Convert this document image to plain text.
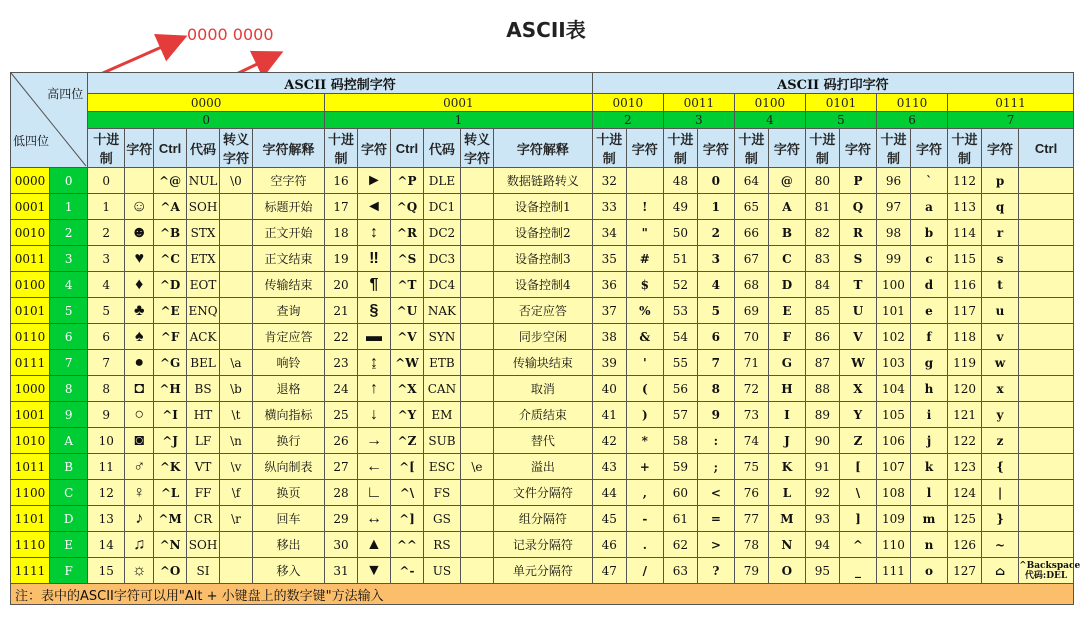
ASCII表
0000 0000
高四位
低四位		ASCII 码控制字符												ASCII 码打印字符												
		0000						0001						0010		0011		0100		0101		0110		0111		
		0						1						2		3		4		5		6		7		
		十进制	字符	Ctrl	代码	转义字符	字符解释	十进制	字符	Ctrl	代码	转义字符	字符解释	十进制	字符	十进制	字符	十进制	字符	十进制	字符	十进制	字符	十进制	字符	Ctrl
0000	0	0		^@	NUL	\0	空字符	16	►	^P	DLE		数据链路转义	32		48	0	64	@	80	P	96	`	112	p	
0001	1	1	☺	^A	SOH		标题开始	17	◄	^Q	DC1		设备控制1	33	!	49	1	65	A	81	Q	97	a	113	q	
0010	2	2	☻	^B	STX		正文开始	18	↕	^R	DC2		设备控制2	34	"	50	2	66	B	82	R	98	b	114	r	
0011	3	3	♥	^C	ETX		正文结束	19	‼	^S	DC3		设备控制3	35	#	51	3	67	C	83	S	99	c	115	s	
0100	4	4	♦	^D	EOT		传输结束	20	¶	^T	DC4		设备控制4	36	$	52	4	68	D	84	T	100	d	116	t	
0101	5	5	♣	^E	ENQ		查询	21	§	^U	NAK		否定应答	37	%	53	5	69	E	85	U	101	e	117	u	
0110	6	6	♠	^F	ACK		肯定应答	22	▬	^V	SYN		同步空闲	38	&	54	6	70	F	86	V	102	f	118	v	
0111	7	7	●	^G	BEL	\a	响铃	23	↨	^W	ETB		传输块结束	39	'	55	7	71	G	87	W	103	g	119	w	
1000	8	8	◘	^H	BS	\b	退格	24	↑	^X	CAN		取消	40	(	56	8	72	H	88	X	104	h	120	x	
1001	9	9	○	^I	HT	\t	横向指标	25	↓	^Y	EM		介质结束	41	)	57	9	73	I	89	Y	105	i	121	y	
1010	A	10	◙	^J	LF	\n	换行	26	→	^Z	SUB		替代	42	*	58	:	74	J	90	Z	106	j	122	z	
1011	B	11	♂	^K	VT	\v	纵向制表	27	←	^[	ESC	\e	溢出	43	+	59	;	75	K	91	[	107	k	123	{	
1100	C	12	♀	^L	FF	\f	换页	28	∟	^\	FS		文件分隔符	44	,	60	<	76	L	92	\	108	l	124	|	
1101	D	13	♪	^M	CR	\r	回车	29	↔	^]	GS		组分隔符	45	-	61	=	77	M	93	]	109	m	125	}	
1110	E	14	♫	^N	SOH		移出	30	▲	^^	RS		记录分隔符	46	.	62	>	78	N	94	^	110	n	126	~	
1111	F	15	☼	^O	SI		移入	31	▼	^-	US		单元分隔符	47	/	63	?	79	O	95	_	111	o	127	⌂	^Backspace 代码:DEL
注：表中的ASCII字符可以用"Alt + 小键盘上的数字键"方法输入																										
